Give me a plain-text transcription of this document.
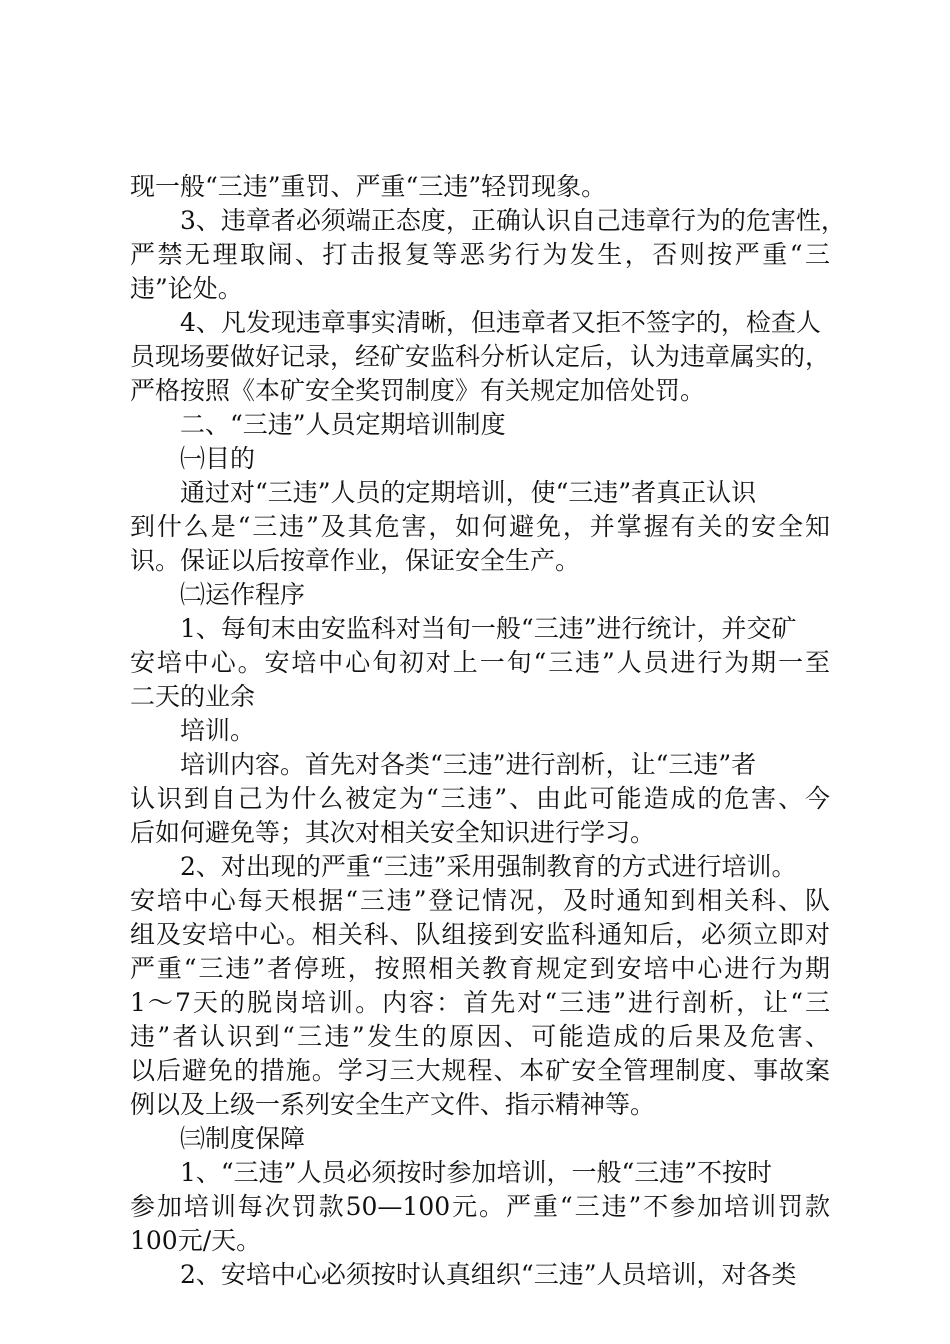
现一般“三违”重罚、严重“三违”轻罚现象。
3、违章者必须端正态度，正确认识自己违章行为的危害性，
严禁无理取闹、打击报复等恶劣行为发生，否则按严重“三
违”论处。
4、凡发现违章事实清晰，但违章者又拒不签字的，检查人
员现场要做好记录，经矿安监科分析认定后，认为违章属实的，
严格按照《本矿安全奖罚制度》有关规定加倍处罚。
二、“三违”人员定期培训制度
㈠目的
通过对“三违”人员的定期培训，使“三违”者真正认识
到什么是“三违”及其危害，如何避免，并掌握有关的安全知
识。保证以后按章作业，保证安全生产。
㈡运作程序
1、每旬末由安监科对当旬一般“三违”进行统计，并交矿
安培中心。安培中心旬初对上一旬“三违”人员进行为期一至
二天的业余
培训。
培训内容。首先对各类“三违”进行剖析，让“三违”者
认识到自己为什么被定为“三违”、由此可能造成的危害、今
后如何避免等；其次对相关安全知识进行学习。
2、对出现的严重“三违”采用强制教育的方式进行培训。
安培中心每天根据“三违”登记情况，及时通知到相关科、队
组及安培中心。相关科、队组接到安监科通知后，必须立即对
严重“三违”者停班，按照相关教育规定到安培中心进行为期
1～7天的脱岗培训。内容：首先对“三违”进行剖析，让“三
违”者认识到“三违”发生的原因、可能造成的后果及危害、
以后避免的措施。学习三大规程、本矿安全管理制度、事故案
例以及上级一系列安全生产文件、指示精神等。
㈢制度保障
1、“三违”人员必须按时参加培训，一般“三违”不按时
参加培训每次罚款50—100元。严重“三违”不参加培训罚款
100元/天。
2、安培中心必须按时认真组织“三违”人员培训，对各类
